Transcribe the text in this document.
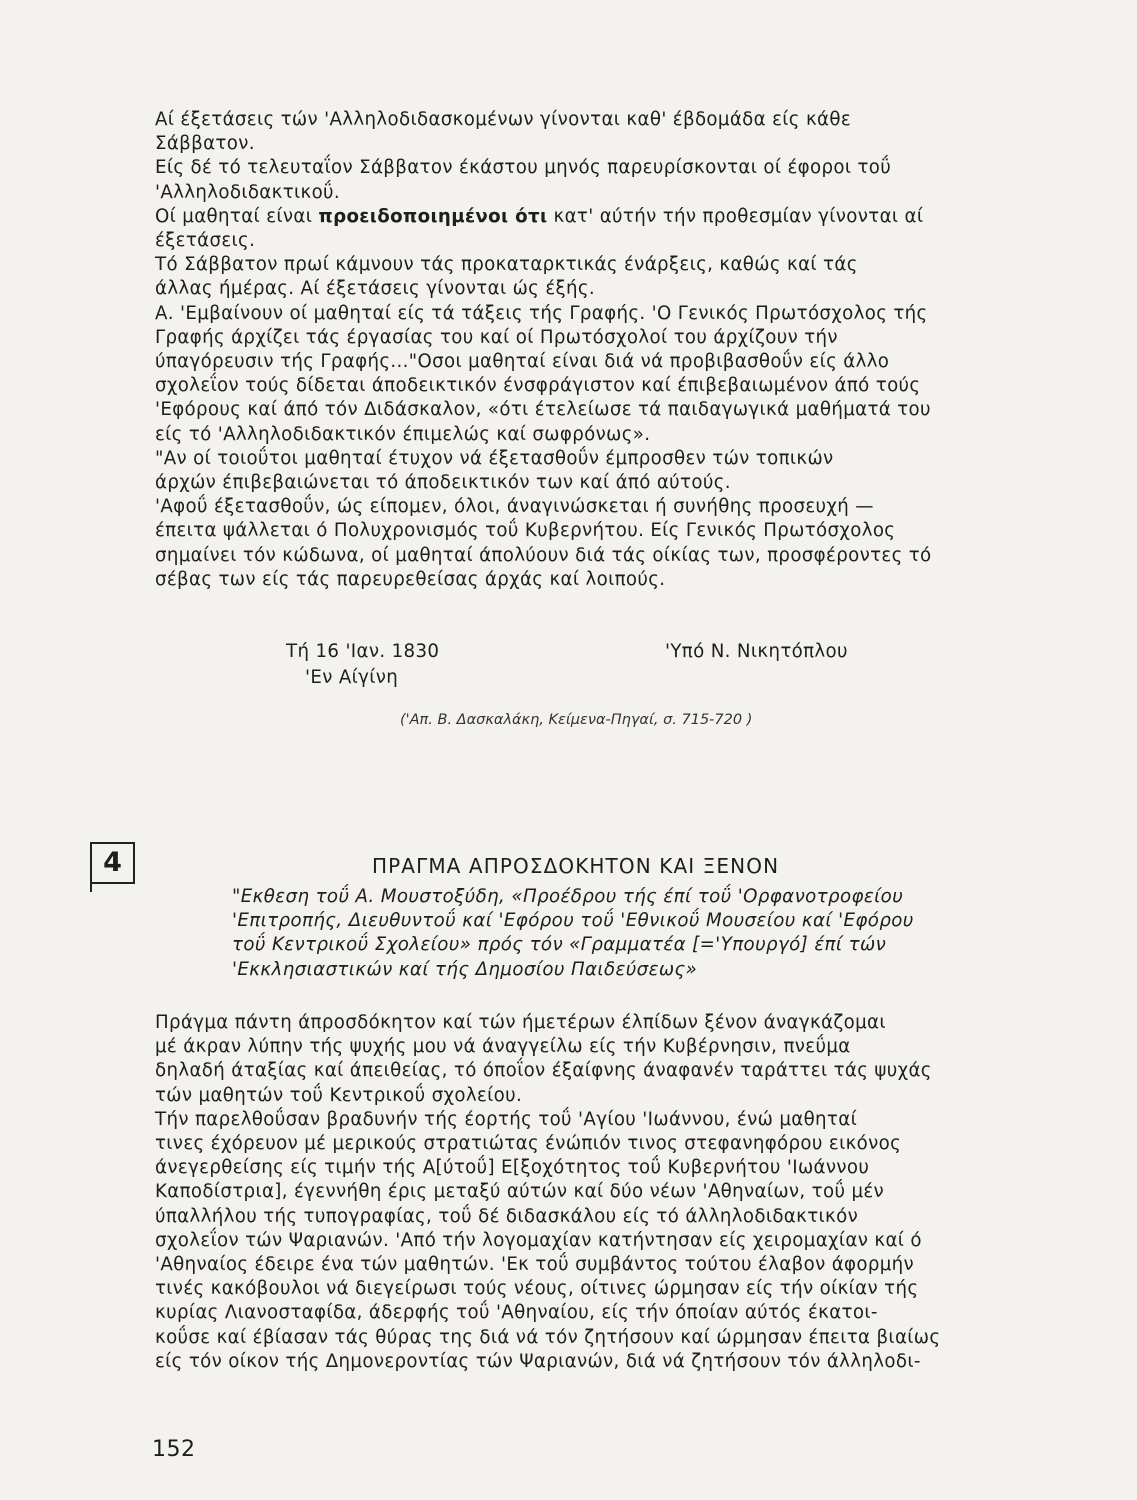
Αί έξετάσεις τών 'Αλληλοδιδασκομένων γίνονται καθ' έβδομάδα είς κάθε
Σάββατον.

Είς δέ τό τελευταΐον Σάββατον έκάστου μηνός παρευρίσκονται οί έφοροι τοΰ
'Αλληλοδιδακτικοΰ.

Οί μαθηταί είναι προειδοποιημένοι ότι κατ' αύτήν τήν προθεσμίαν γίνονται αί
έξετάσεις.

Τό Σάββατον πρωί κάμνουν τάς προκαταρκτικάς ένάρξεις, καθώς καί τάς
άλλας ήμέρας. Αί έξετάσεις γίνονται ώς έξής.

Α. 'Εμβαίνουν οί μαθηταί είς τά τάξεις τής Γραφής. 'Ο Γενικός Πρωτόσχολος τής
Γραφής άρχίζει τάς έργασίας του καί οί Πρωτόσχολοί του άρχίζουν τήν
ύπαγόρευσιν τής Γραφής..."Οσοι μαθηταί είναι διά νά προβιβασθοΰν είς άλλο
σχολεΐον τούς δίδεται άποδεικτικόν ένσφράγιστον καί έπιβεβαιωμένον άπό τούς
'Εφόρους καί άπό τόν Διδάσκαλον, «ότι έτελείωσε τά παιδαγωγικά μαθήματά του
είς τό 'Αλληλοδιδακτικόν έπιμελώς καί σωφρόνως».

"Αν οί τοιοΰτοι μαθηταί έτυχον νά έξετασθοΰν έμπροσθεν τών τοπικών
άρχών έπιβεβαιώνεται τό άποδεικτικόν των καί άπό αύτούς.

'Αφοΰ έξετασθοΰν, ώς είπομεν, όλοι, άναγινώσκεται ή συνήθης προσευχή —
έπειτα ψάλλεται ό Πολυχρονισμός τοΰ Κυβερνήτου. Είς Γενικός Πρωτόσχολος
σημαίνει τόν κώδωνα, οί μαθηταί άπολύουν διά τάς οίκίας των, προσφέροντες τό
σέβας των είς τάς παρευρεθείσας άρχάς καί λοιπούς.

Τή 16 'Ιαν. 1830	'Υπό Ν. Νικητόπλου
'Εν Αίγίνη
('Απ. Β. Δασκαλάκη, Κείμενα-Πηγαί, σ. 715-720 )
4	ΠΡΑΓΜΑ ΑΠΡΟΣΔΟΚΗΤΟΝ ΚΑΙ ΞΕΝΟΝ

"Εκθεση τοΰ Α. Μουστοξύδη, «Προέδρου τής έπί τοΰ 'Ορφανοτροφείου
'Επιτροπής, Διευθυντοΰ καί 'Εφόρου τοΰ 'Εθνικοΰ Μουσείου καί 'Εφόρου
τοΰ Κεντρικοΰ Σχολείου» πρός τόν «Γραμματέα [='Υπουργό] έπί τών
'Εκκλησιαστικών καί τής Δημοσίου Παιδεύσεως»

Πράγμα πάντη άπροσδόκητον καί τών ήμετέρων έλπίδων ξένον άναγκάζομαι
μέ άκραν λύπην τής ψυχής μου νά άναγγείλω είς τήν Κυβέρνησιν, πνεΰμα
δηλαδή άταξίας καί άπειθείας, τό όποΐον έξαίφνης άναφανέν ταράττει τάς ψυχάς
τών μαθητών τοΰ Κεντρικοΰ σχολείου.

Τήν παρελθοΰσαν βραδυνήν τής έορτής τοΰ 'Αγίου 'Ιωάννου, ένώ μαθηταί
τινες έχόρευον μέ μερικούς στρατιώτας ένώπιόν τινος στεφανηφόρου εικόνος
άνεγερθείσης είς τιμήν τής Α[ύτοΰ] Ε[ξοχότητος τοΰ Κυβερνήτου 'Ιωάννου
Καποδίστρια], έγεννήθη έρις μεταξύ αύτών καί δύο νέων 'Αθηναίων, τοΰ μέν
ύπαλλήλου τής τυπογραφίας, τοΰ δέ διδασκάλου είς τό άλληλοδιδακτικόν
σχολεΐον τών Ψαριανών. 'Από τήν λογομαχίαν κατήντησαν είς χειρομαχίαν καί ό
'Αθηναίος έδειρε ένα τών μαθητών. 'Εκ τοΰ συμβάντος τούτου έλαβον άφορμήν
τινές κακόβουλοι νά διεγείρωσι τούς νέους, οίτινες ώρμησαν είς τήν οίκίαν τής
κυρίας Λιανοσταφίδα, άδερφής τοΰ 'Αθηναίου, είς τήν όποίαν αύτός έκατοι-
κοΰσε καί έβίασαν τάς θύρας της διά νά τόν ζητήσουν καί ώρμησαν έπειτα βιαίως
είς τόν οίκον τής Δημονεροντίας τών Ψαριανών, διά νά ζητήσουν τόν άλληλοδι-

152
